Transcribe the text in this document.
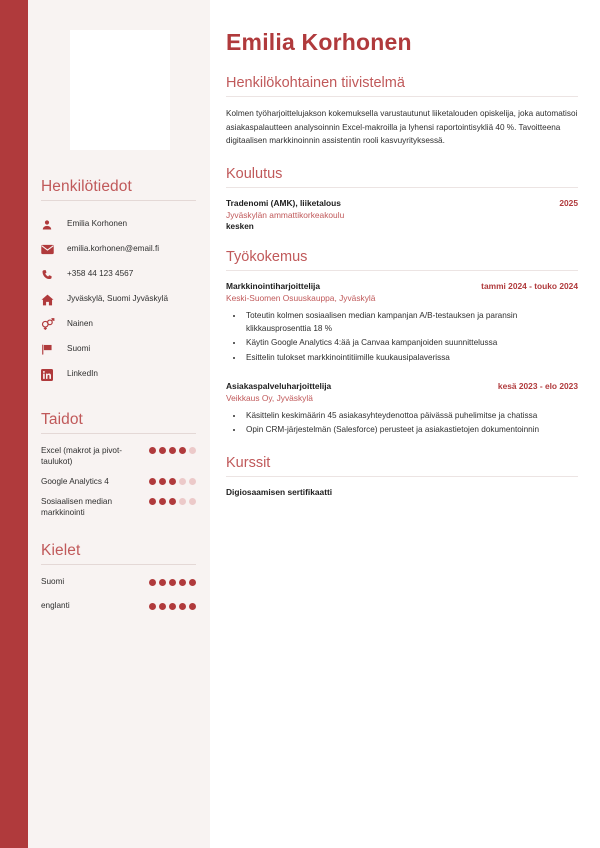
Henkilötiedot
Emilia Korhonen
emilia.korhonen@email.fi
+358 44 123 4567
Jyväskylä, Suomi Jyväskylä
Nainen
Suomi
LinkedIn
Taidot
Excel (makrot ja pivot-taulukot)
Google Analytics 4
Sosiaalisen median markkinointi
Kielet
Suomi
englanti
Emilia Korhonen
Henkilökohtainen tiivistelmä

Kolmen työharjoittelujakson kokemuksella varustautunut liiketalouden opiskelija, joka automatisoi asiakaspalautteen analysoinnin Excel-makroilla ja lyhensi raportointisykliä 40 %. Tavoitteena digitaalisen markkinoinnin assistentin rooli kasvuyrityksessä.

Koulutus
Tradenomi (AMK), liiketalous	2025
Jyväskylän ammattikorkeakoulu
kesken
Työkokemus
Markkinointiharjoittelija	tammi 2024 - touko 2024
Keski-Suomen Osuuskauppa, Jyväskylä
• Toteutin kolmen sosiaalisen median kampanjan A/B-testauksen ja paransin klikkausprosenttia 18 %
• Käytin Google Analytics 4:ää ja Canvaa kampanjoiden suunnittelussa
• Esittelin tulokset markkinointitiimille kuukausipalaverissa
Asiakaspalveluharjoittelija	kesä 2023 - elo 2023
Veikkaus Oy, Jyväskylä
• Käsittelin keskimäärin 45 asiakasyhteydenottoa päivässä puhelimitse ja chatissa
• Opin CRM-järjestelmän (Salesforce) perusteet ja asiakastietojen dokumentoinnin
Kurssit
Digiosaamisen sertifikaatti
